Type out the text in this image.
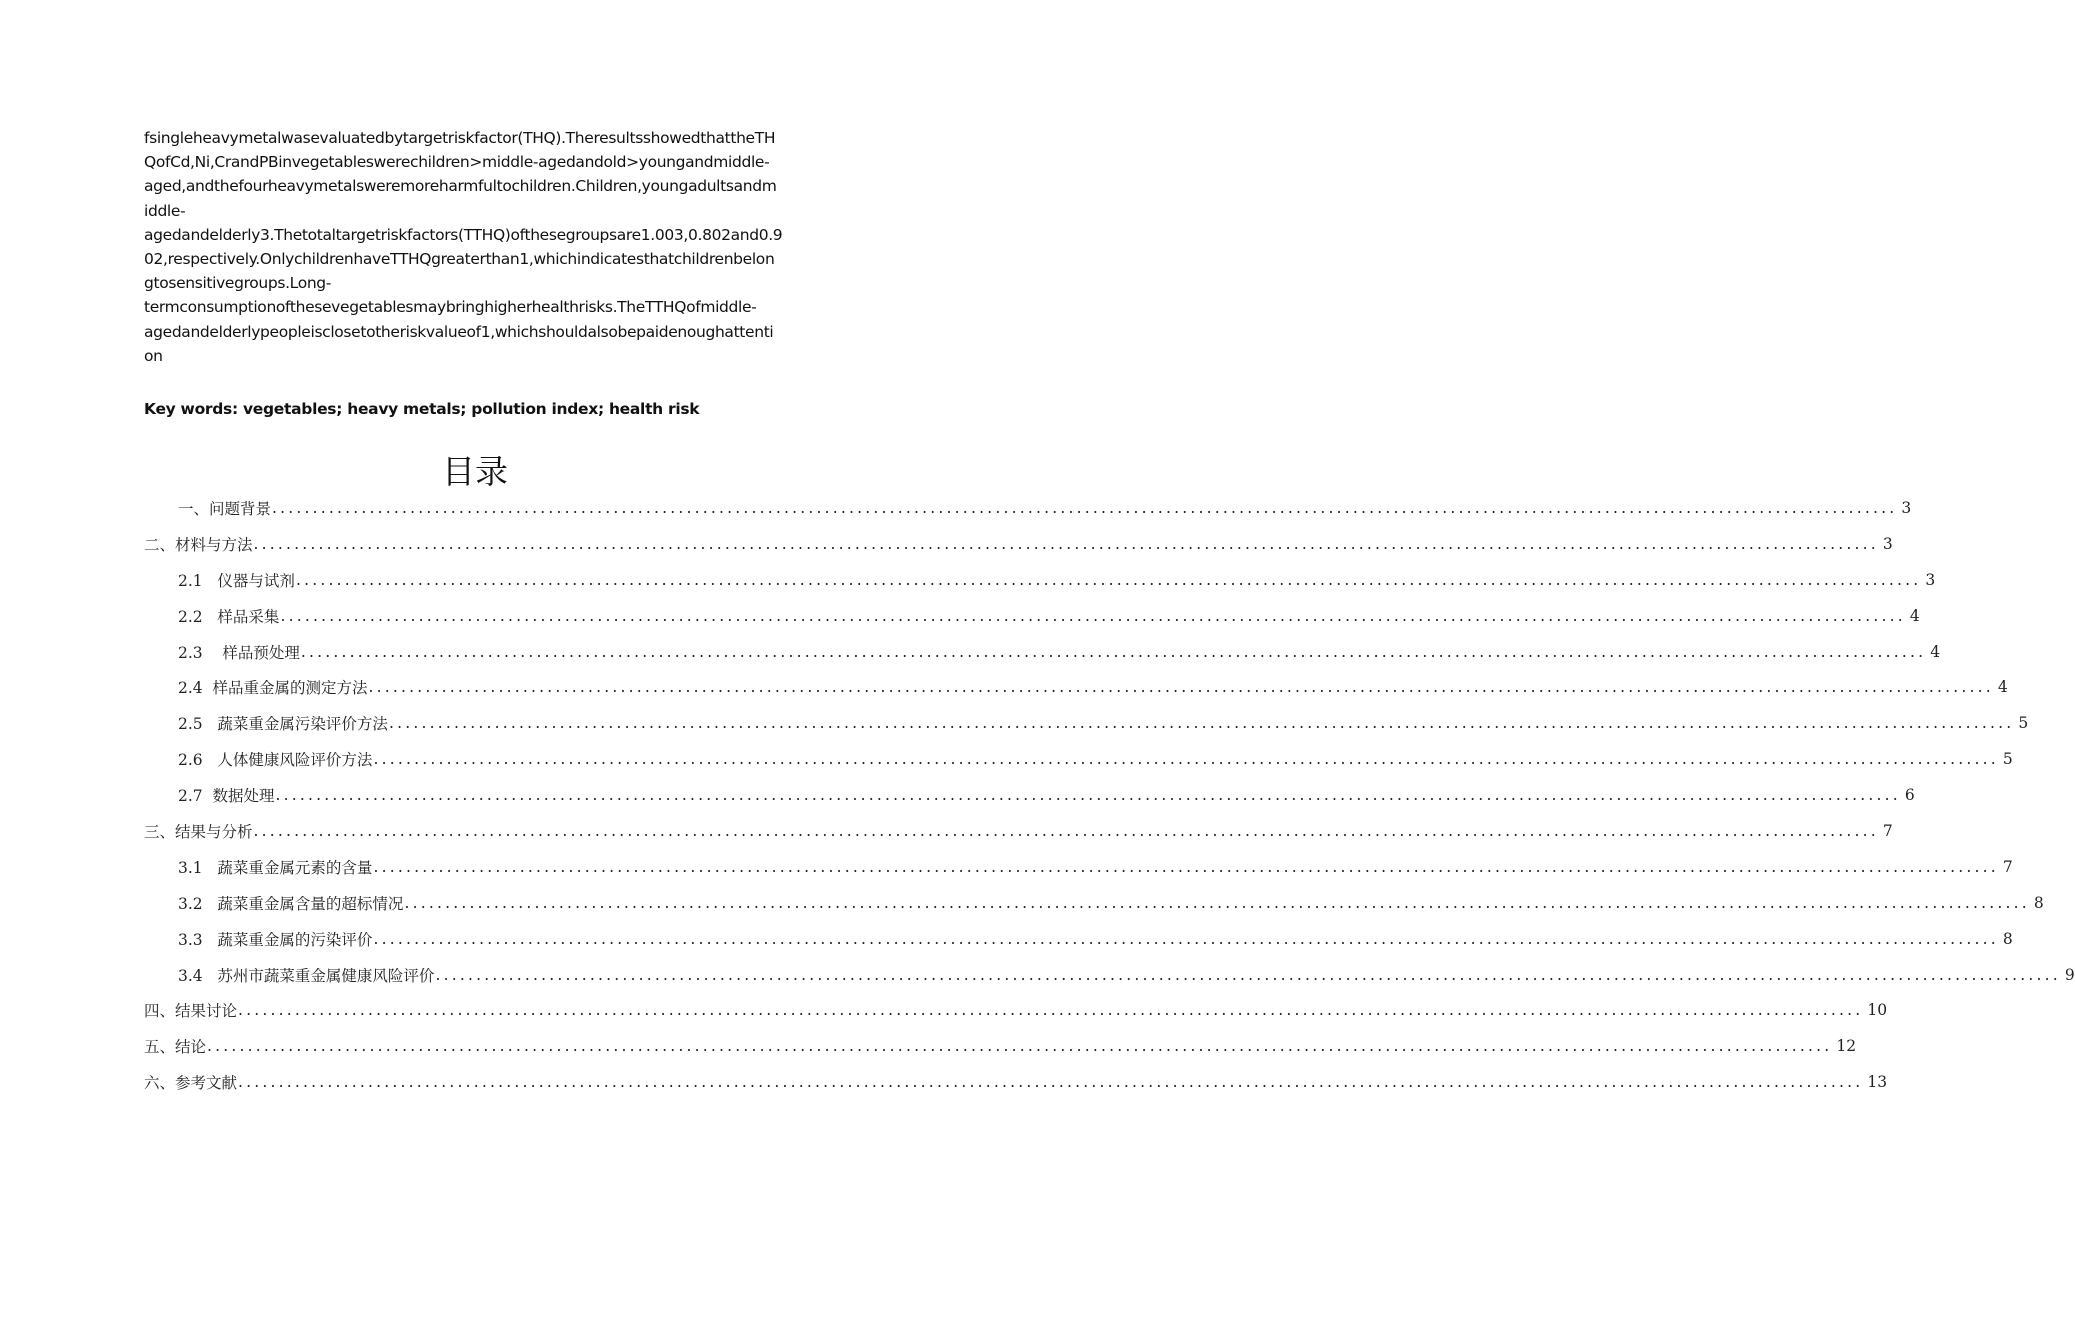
fsingleheavymetalwasevaluatedbytargetriskfactor(THQ).TheresultsshowedthattheTH
QofCd,Ni,CrandPBinvegetableswerechildren>middle-agedandold>youngandmiddle-
aged,andthefourheavymetalsweremoreharmfultochildren.Children,youngadultsandm
iddle-
agedandelderly3.Thetotaltargetriskfactors(TTHQ)ofthesegroupsare1.003,0.802and0.9
02,respectively.OnlychildrenhaveTTHQgreaterthan1,whichindicatesthatchildrenbelon
gtosensitivegroups.Long-
termconsumptionofthesevegetablesmaybringhigherhealthrisks.TheTTHQofmiddle-
agedandelderlypeopleisclosetotheriskvalueof1,whichshouldalsobepaidenoughattenti
on
Key words: vegetables; heavy metals; pollution index; health risk
目录
一、问题背景 ........................................................................................................................................................................................................ 3
二、材料与方法 ........................................................................................................................................................................................................ 3
2.1   仪器与试剂 ........................................................................................................................................................................................................ 3
2.2   样品采集 ........................................................................................................................................................................................................ 4
2.3    样品预处理 ........................................................................................................................................................................................................ 4
2.4  样品重金属的测定方法 ........................................................................................................................................................................................................ 4
2.5   蔬菜重金属污染评价方法 ........................................................................................................................................................................................................ 5
2.6   人体健康风险评价方法 ........................................................................................................................................................................................................ 5
2.7  数据处理 ........................................................................................................................................................................................................ 6
三、结果与分析 ........................................................................................................................................................................................................ 7
3.1   蔬菜重金属元素的含量 ........................................................................................................................................................................................................ 7
3.2   蔬菜重金属含量的超标情况 ........................................................................................................................................................................................................ 8
3.3   蔬菜重金属的污染评价 ........................................................................................................................................................................................................ 8
3.4   苏州市蔬菜重金属健康风险评价 ........................................................................................................................................................................................................ 9
四、结果讨论 ........................................................................................................................................................................................................ 10
五、结论 ........................................................................................................................................................................................................ 12
六、参考文献 ........................................................................................................................................................................................................ 13
